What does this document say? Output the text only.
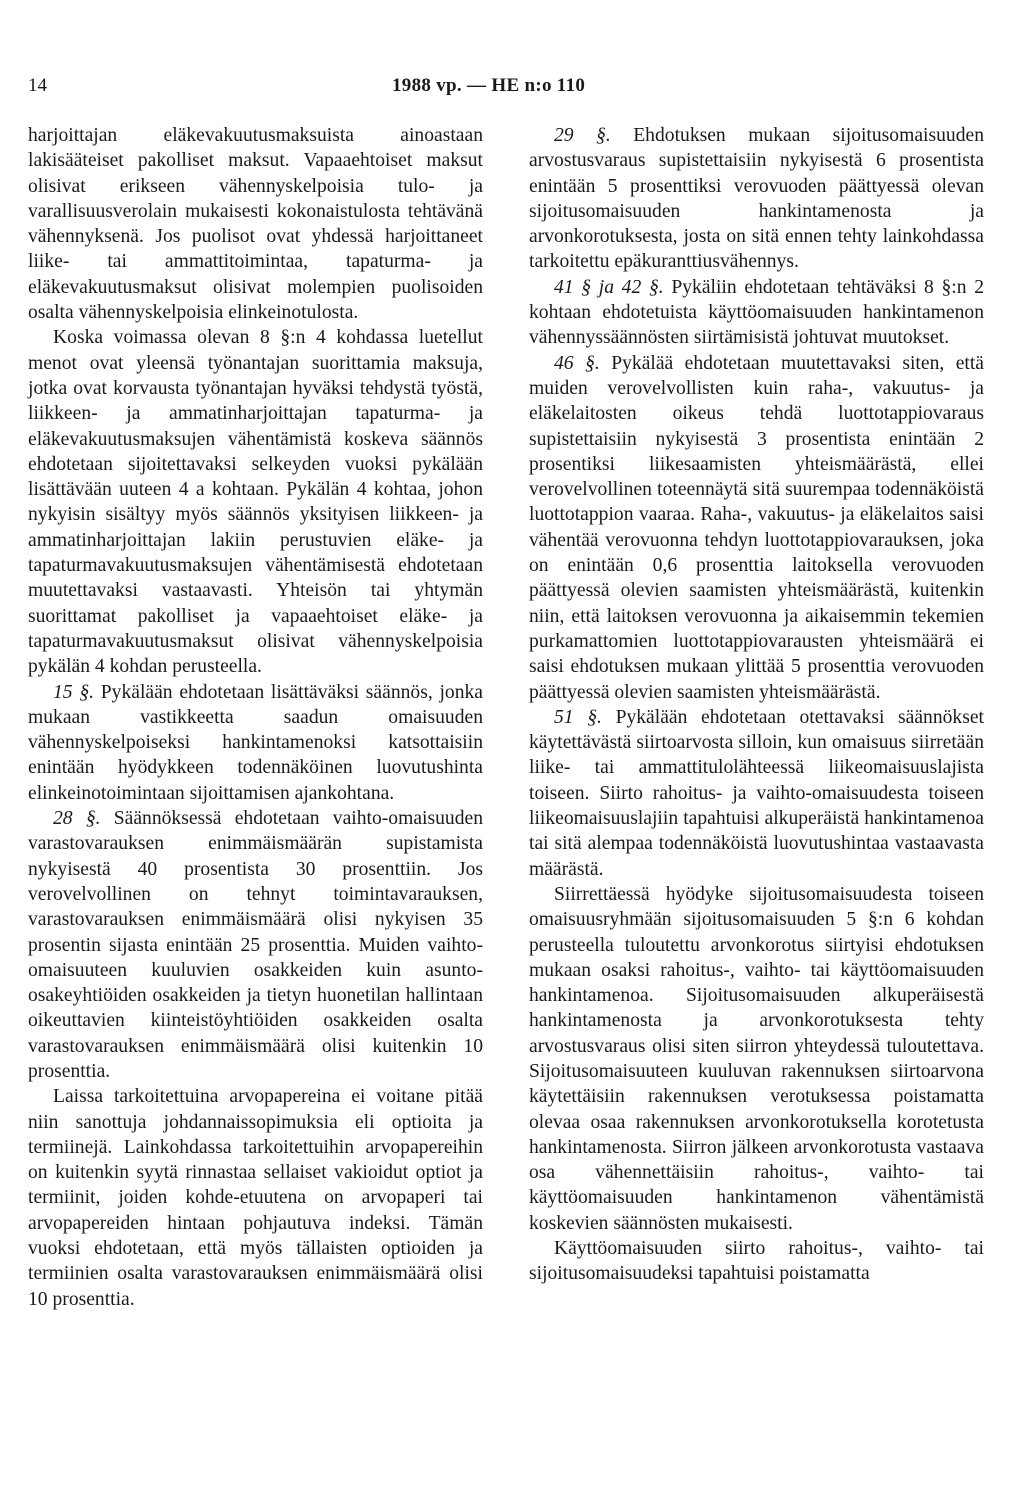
14	1988 vp. — HE n:o 110

harjoittajan eläkevakuutusmaksuista ainoastaan lakisääteiset pakolliset maksut. Vapaaehtoiset maksut olisivat erikseen vähennyskelpoisia tulo- ja varallisuusverolain mukaisesti kokonaistulosta tehtävänä vähennyksenä. Jos puolisot ovat yhdessä harjoittaneet liike- tai ammattitoimintaa, tapaturma- ja eläkevakuutusmaksut olisivat molempien puolisoiden osalta vähennyskelpoisia elinkeinotulosta.

Koska voimassa olevan 8 §:n 4 kohdassa luetellut menot ovat yleensä työnantajan suorittamia maksuja, jotka ovat korvausta työnantajan hyväksi tehdystä työstä, liikkeen- ja ammatinharjoittajan tapaturma- ja eläkevakuutusmaksujen vähentämistä koskeva säännös ehdotetaan sijoitettavaksi selkeyden vuoksi pykälään lisättävään uuteen 4 a kohtaan. Pykälän 4 kohtaa, johon nykyisin sisältyy myös säännös yksityisen liikkeen- ja ammatinharjoittajan lakiin perustuvien eläke- ja tapaturmavakuutusmaksujen vähentämisestä ehdotetaan muutettavaksi vastaavasti. Yhteisön tai yhtymän suorittamat pakolliset ja vapaaehtoiset eläke- ja tapaturmavakuutusmaksut olisivat vähennyskelpoisia pykälän 4 kohdan perusteella.

15 §. Pykälään ehdotetaan lisättäväksi säännös, jonka mukaan vastikkeetta saadun omaisuuden vähennyskelpoiseksi hankintamenoksi katsottaisiin enintään hyödykkeen todennäköinen luovutushinta elinkeinotoimintaan sijoittamisen ajankohtana.

28 §. Säännöksessä ehdotetaan vaihto-omaisuuden varastovarauksen enimmäismäärän supistamista nykyisestä 40 prosentista 30 prosenttiin. Jos verovelvollinen on tehnyt toimintavarauksen, varastovarauksen enimmäismäärä olisi nykyisen 35 prosentin sijasta enintään 25 prosenttia. Muiden vaihto-omaisuuteen kuuluvien osakkeiden kuin asunto-osakeyhtiöiden osakkeiden ja tietyn huonetilan hallintaan oikeuttavien kiinteistöyhtiöiden osakkeiden osalta varastovarauksen enimmäismäärä olisi kuitenkin 10 prosenttia.

Laissa tarkoitettuina arvopapereina ei voitane pitää niin sanottuja johdannaissopimuksia eli optioita ja termiinejä. Lainkohdassa tarkoitettuihin arvopapereihin on kuitenkin syytä rinnastaa sellaiset vakioidut optiot ja termiinit, joiden kohde-etuutena on arvopaperi tai arvopapereiden hintaan pohjautuva indeksi. Tämän vuoksi ehdotetaan, että myös tällaisten optioiden ja termiinien osalta varastovarauksen enimmäismäärä olisi 10 prosenttia.

29 §. Ehdotuksen mukaan sijoitusomaisuuden arvostusvaraus supistettaisiin nykyisestä 6 prosentista enintään 5 prosenttiksi verovuoden päättyessä olevan sijoitusomaisuuden hankintamenosta ja arvonkorotuksesta, josta on sitä ennen tehty lainkohdassa tarkoitettu epäkuranttiusvähennys.

41 § ja 42 §. Pykäliin ehdotetaan tehtäväksi 8 §:n 2 kohtaan ehdotetuista käyttöomaisuuden hankintamenon vähennyssäännösten siirtämisistä johtuvat muutokset.

46 §. Pykälää ehdotetaan muutettavaksi siten, että muiden verovelvollisten kuin raha-, vakuutus- ja eläkelaitosten oikeus tehdä luottotappiovaraus supistettaisiin nykyisestä 3 prosentista enintään 2 prosentiksi liikesaamisten yhteismäärästä, ellei verovelvollinen toteennäytä sitä suurempaa todennäköistä luottotappion vaaraa. Raha-, vakuutus- ja eläkelaitos saisi vähentää verovuonna tehdyn luottotappiovarauksen, joka on enintään 0,6 prosenttia laitoksella verovuoden päättyessä olevien saamisten yhteismäärästä, kuitenkin niin, että laitoksen verovuonna ja aikaisemmin tekemien purkamattomien luottotappiovarausten yhteismäärä ei saisi ehdotuksen mukaan ylittää 5 prosenttia verovuoden päättyessä olevien saamisten yhteismäärästä.

51 §. Pykälään ehdotetaan otettavaksi säännökset käytettävästä siirtoarvosta silloin, kun omaisuus siirretään liike- tai ammattitulolähteessä liikeomaisuuslajista toiseen. Siirto rahoitus- ja vaihto-omaisuudesta toiseen liikeomaisuuslajiin tapahtuisi alkuperäistä hankintamenoa tai sitä alempaa todennäköistä luovutushintaa vastaavasta määrästä.

Siirrettäessä hyödyke sijoitusomaisuudesta toiseen omaisuusryhmään sijoitusomaisuuden 5 §:n 6 kohdan perusteella tuloutettu arvonkorotus siirtyisi ehdotuksen mukaan osaksi rahoitus-, vaihto- tai käyttöomaisuuden hankintamenoa. Sijoitusomaisuuden alkuperäisestä hankintamenosta ja arvonkorotuksesta tehty arvostusvaraus olisi siten siirron yhteydessä tuloutettava. Sijoitusomaisuuteen kuuluvan rakennuksen siirtoarvona käytettäisiin rakennuksen verotuksessa poistamatta olevaa osaa rakennuksen arvonkorotuksella korotetusta hankintamenosta. Siirron jälkeen arvonkorotusta vastaava osa vähennettäisiin rahoitus-, vaihto- tai käyttöomaisuuden hankintamenon vähentämistä koskevien säännösten mukaisesti.

Käyttöomaisuuden siirto rahoitus-, vaihto- tai sijoitusomaisuudeksi tapahtuisi poistamatta
